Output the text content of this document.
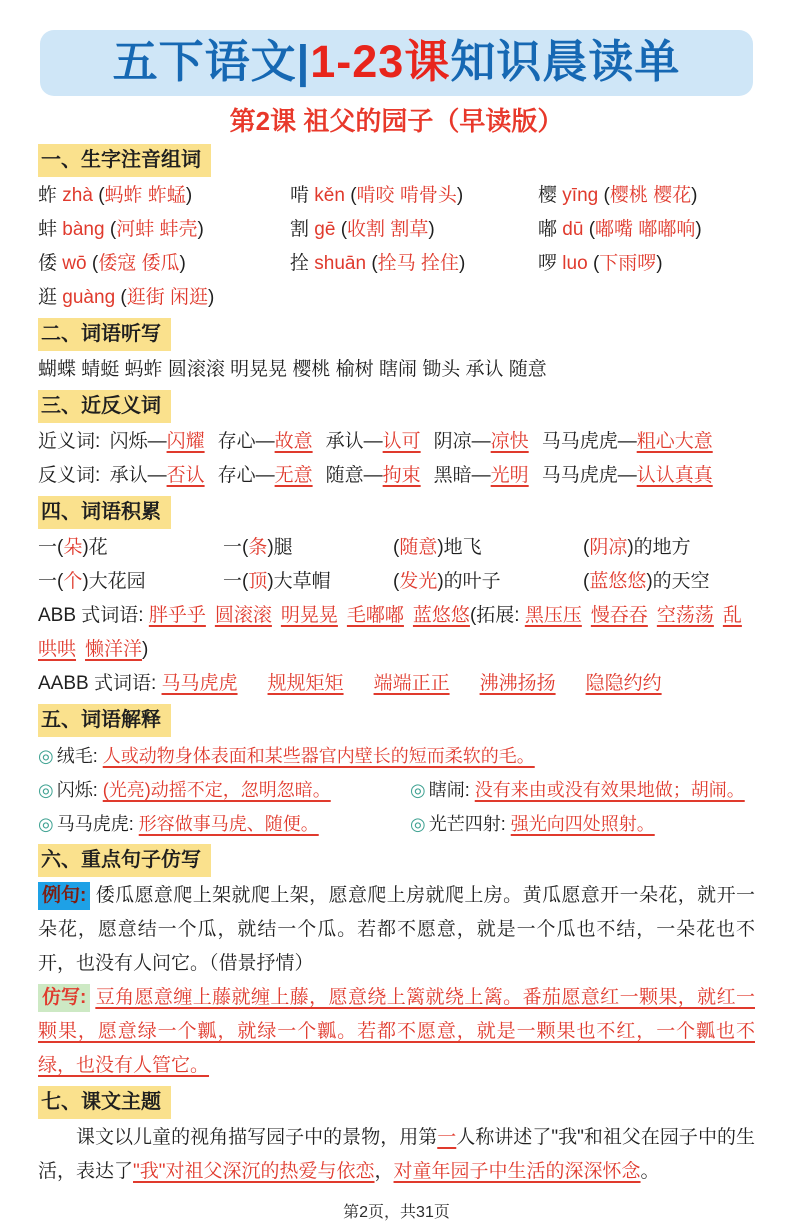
五下语文|1-23课知识晨读单
第2课 祖父的园子（早读版）
一、生字注音组词
蚱 zhà (蚂蚱 蚱蜢)	啃 kěn (啃咬 啃骨头)	樱 yīng (樱桃 樱花)
蚌 bàng (河蚌 蚌壳)	割 gē (收割 割草)	嘟 dū (嘟嘴 嘟嘟响)
倭 wō (倭寇 倭瓜)	拴 shuān (拴马 拴住)	啰 luo (下雨啰)
逛 guàng (逛街 闲逛)
二、词语听写

蝴蝶 蜻蜓 蚂蚱 圆滚滚 明晃晃 樱桃 榆树 瞎闹 锄头 承认 随意

三、近反义词

近义词: 闪烁—闪耀 存心—故意 承认—认可 阴凉—凉快 马马虎虎—粗心大意

反义词: 承认—否认 存心—无意 随意—拘束 黑暗—光明 马马虎虎—认认真真

四、词语积累
一(朵)花	一(条)腿	(随意)地飞	(阴凉)的地方
一(个)大花园	一(顶)大草帽	(发光)的叶子	(蓝悠悠)的天空

ABB 式词语: 胖乎乎 圆滚滚 明晃晃 毛嘟嘟 蓝悠悠(拓展: 黑压压 慢吞吞 空荡荡 乱哄哄 懒洋洋)

AABB 式词语: 马马虎虎 规规矩矩 端端正正 沸沸扬扬 隐隐约约

五、词语解释
◎ 绒毛: 人或动物身体表面和某些器官内壁长的短而柔软的毛。
◎ 闪烁: (光亮)动摇不定，忽明忽暗。	◎ 瞎闹: 没有来由或没有效果地做；胡闹。
◎ 马马虎虎: 形容做事马虎、随便。	◎ 光芒四射: 强光向四处照射。
六、重点句子仿写

例句: 倭瓜愿意爬上架就爬上架，愿意爬上房就爬上房。黄瓜愿意开一朵花，就开一朵花，愿意结一个瓜，就结一个瓜。若都不愿意，就是一个瓜也不结，一朵花也不开，也没有人问它。（借景抒情）

仿写: 豆角愿意缠上藤就缠上藤，愿意绕上篱就绕上篱。番茄愿意红一颗果，就红一颗果，愿意绿一个瓤，就绿一个瓤。若都不愿意，就是一颗果也不红，一个瓤也不绿，也没有人管它。

七、课文主题

课文以儿童的视角描写园子中的景物，用第一人称讲述了"我"和祖父在园子中的生活，表达了"我"对祖父深沉的热爱与依恋，对童年园子中生活的深深怀念。

第2页，共31页
